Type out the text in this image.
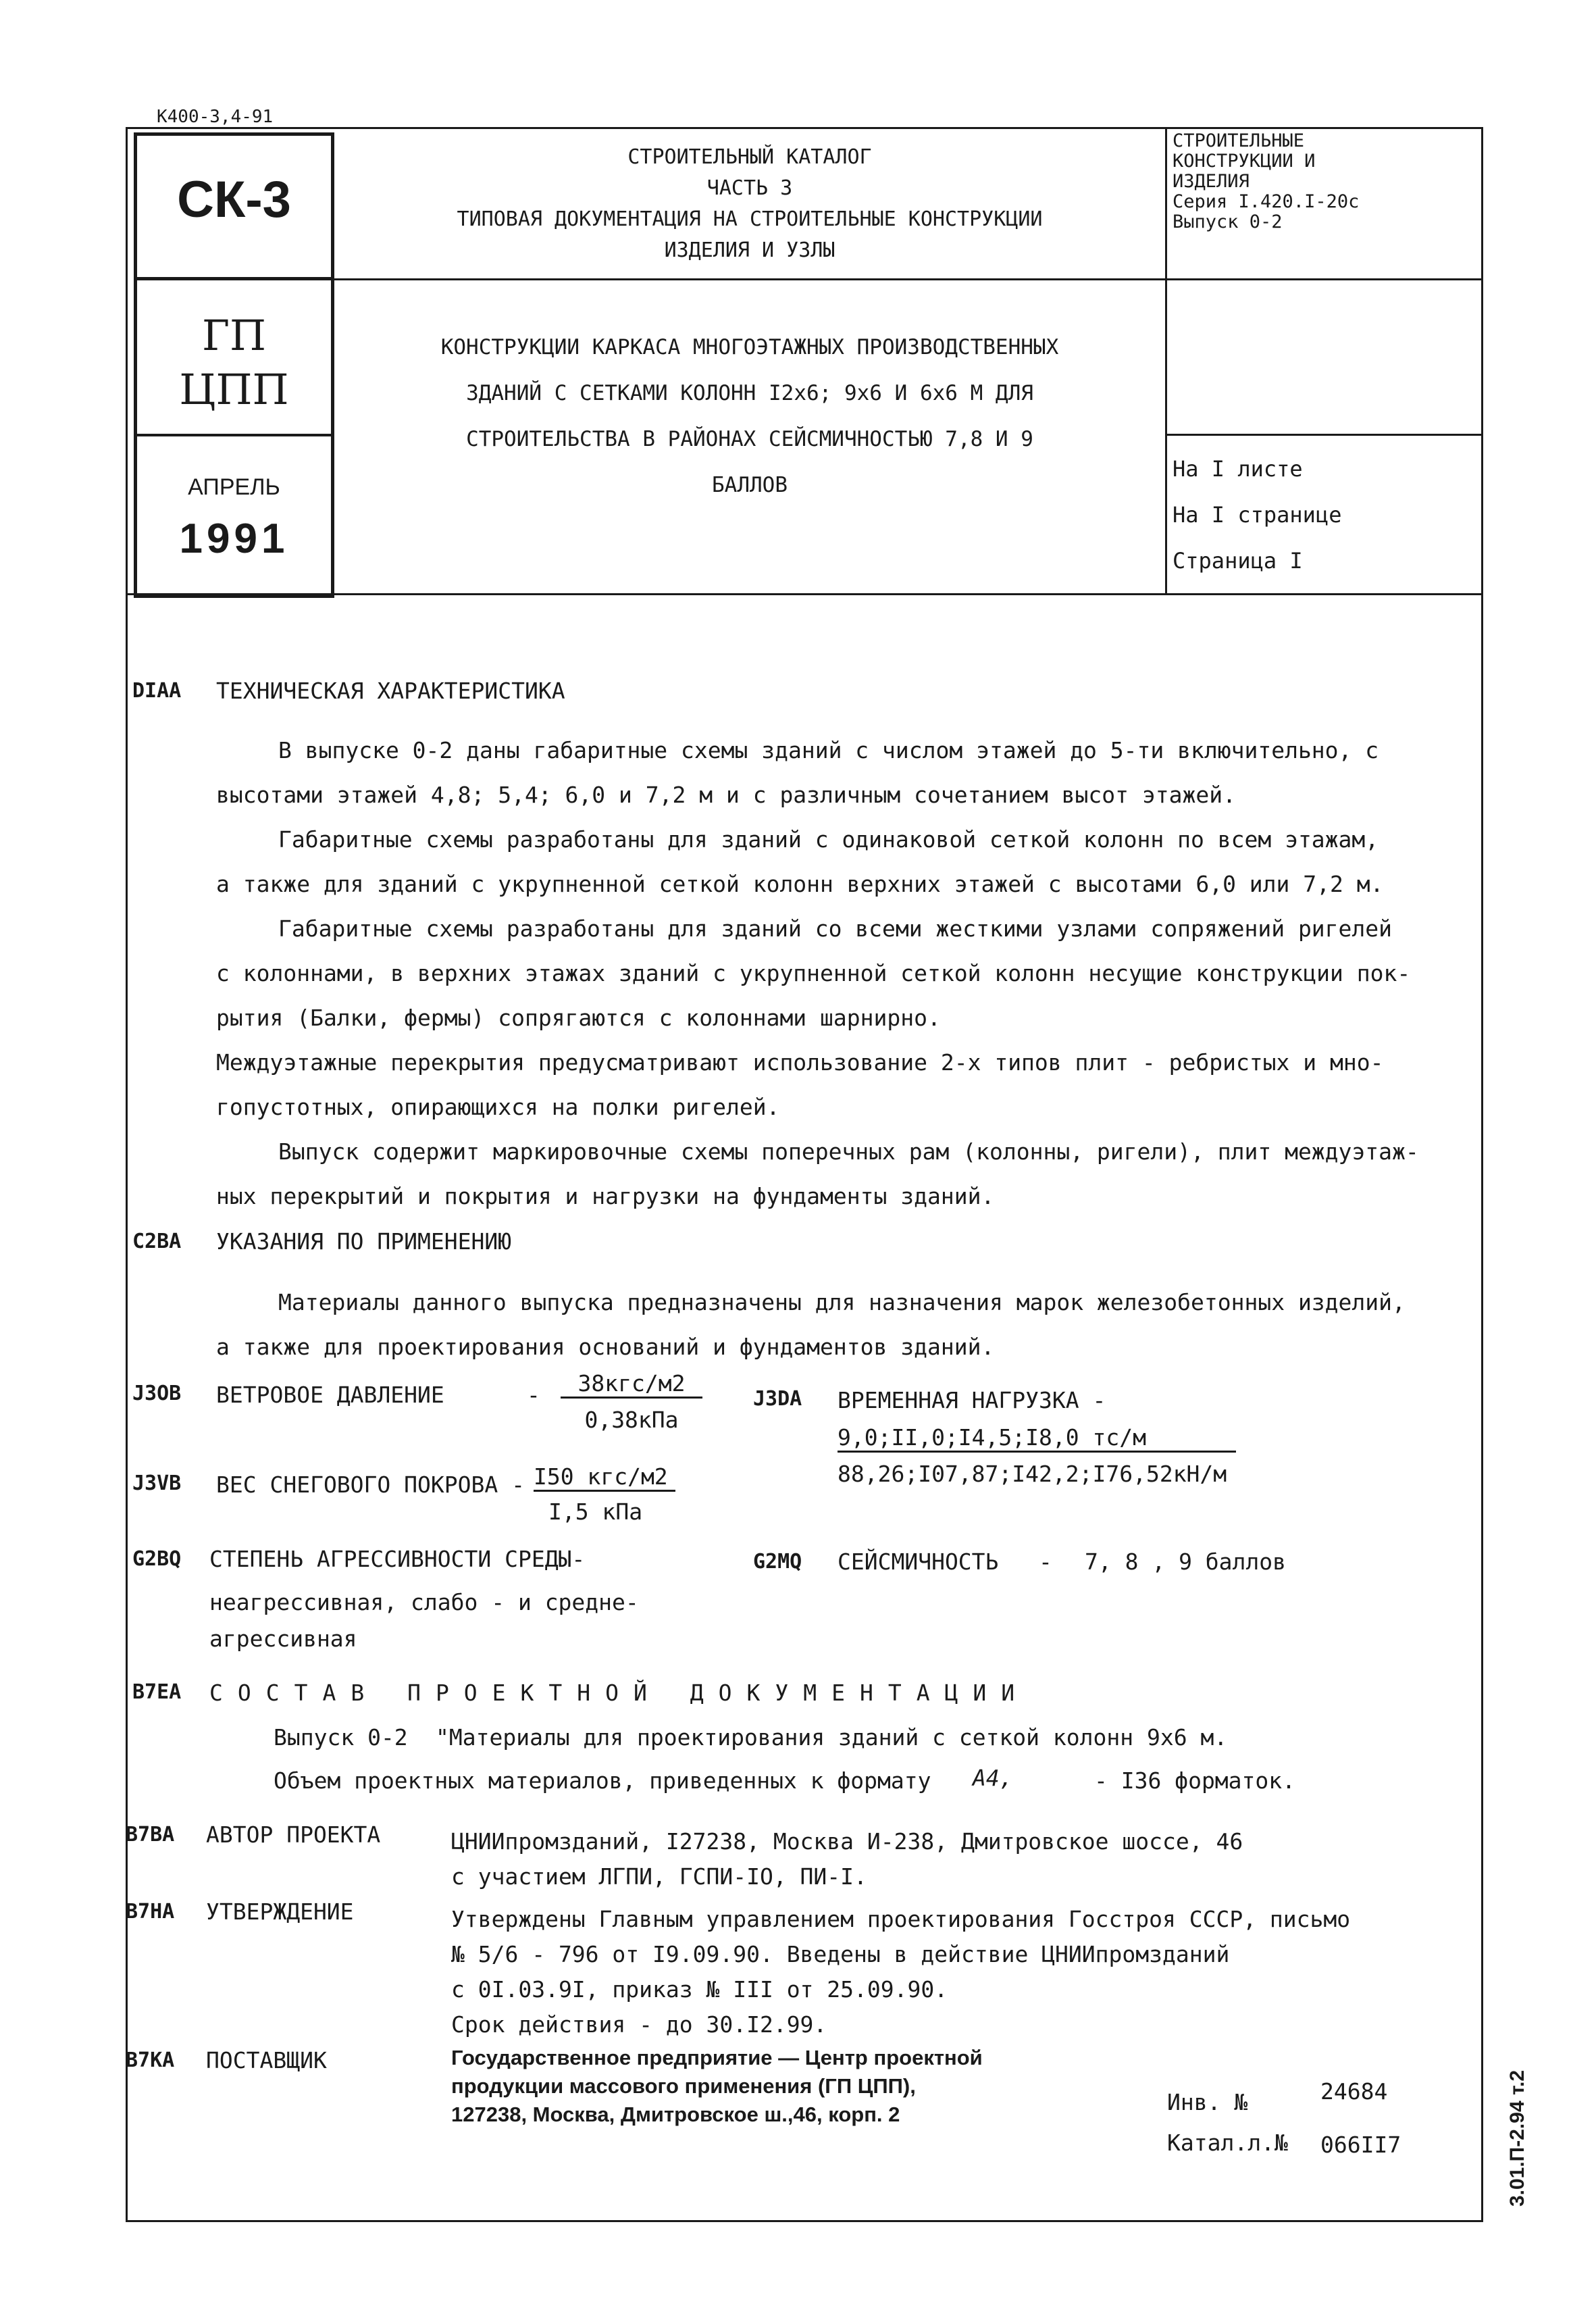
К400-3,4-91
СК-3
ГП
ЦПП
АПРЕЛЬ
1991
СТРОИТЕЛЬНЫЙ КАТАЛОГ
ЧАСТЬ 3
ТИПОВАЯ ДОКУМЕНТАЦИЯ НА СТРОИТЕЛЬНЫЕ КОНСТРУКЦИИ
ИЗДЕЛИЯ И УЗЛЫ
СТРОИТЕЛЬНЫЕ
КОНСТРУКЦИИ И
ИЗДЕЛИЯ
Серия I.420.I-20с
Выпуск 0-2
КОНСТРУКЦИИ КАРКАСА МНОГОЭТАЖНЫХ ПРОИЗВОДСТВЕННЫХ
ЗДАНИЙ С СЕТКАМИ КОЛОНН I2x6; 9x6 И 6x6 М ДЛЯ
СТРОИТЕЛЬСТВА В РАЙОНАХ СЕЙСМИЧНОСТЬЮ 7,8 И 9
БАЛЛОВ
На I листе
На I странице
Страница I
DIAA ТЕХНИЧЕСКАЯ ХАРАКТЕРИСТИКА
В выпуске 0-2 даны габаритные схемы зданий с числом этажей до 5-ти включительно, с
высотами этажей 4,8; 5,4; 6,0 и 7,2 м и с различным сочетанием высот этажей.
Габаритные схемы разработаны для зданий с одинаковой сеткой колонн по всем этажам,
а также для зданий с укрупненной сеткой колонн верхних этажей с высотами 6,0 или 7,2 м.
Габаритные схемы разработаны для зданий со всеми жесткими узлами сопряжений ригелей
с колоннами, в верхних этажах зданий с укрупненной сеткой колонн несущие конструкции пок-
рытия (Балки, фермы) сопрягаются с колоннами шарнирно.
Междуэтажные перекрытия предусматривают использование 2-х типов плит - ребристых и мно-
гопустотных, опирающихся на полки ригелей.
Выпуск содержит маркировочные схемы поперечных рам (колонны, ригели), плит междуэтаж-
ных перекрытий и покрытия и нагрузки на фундаменты зданий.
C2BA УКАЗАНИЯ ПО ПРИМЕНЕНИЮ
Материалы данного выпуска предназначены для назначения марок железобетонных изделий,
а также для проектирования оснований и фундаментов зданий.
J3OB ВЕТРОВОЕ ДАВЛЕНИЕ	-	38кгс/м2
0,38кПа
J3DA ВРЕМЕННАЯ НАГРУЗКА -
9,0;II,0;I4,5;I8,0 тс/м
88,26;I07,87;I42,2;I76,52кН/м
J3VB ВЕС СНЕГОВОГО ПОКРОВА - I50 кгс/м2
I,5 кПа
G2BQ СТЕПЕНЬ АГРЕССИВНОСТИ СРЕДЫ-
неагрессивная, слабо - и средне-
агрессивная
G2MQ СЕЙСМИЧНОСТЬ - 7, 8 , 9 баллов
B7EA СОСТАВ ПРОЕКТНОЙ ДОКУМЕНТАЦИИ
Выпуск 0-2 "Материалы для проектирования зданий с сеткой колонн 9x6 м.
Объем проектных материалов, приведенных к формату А4,	- I36 форматок.
B7BA АВТОР ПРОЕКТА	ЦНИИпромзданий, I27238, Москва И-238, Дмитровское шоссе, 46
с участием ЛГПИ, ГСПИ-IO, ПИ-I.
B7HA УТВЕРЖДЕНИЕ	Утверждены Главным управлением проектирования Госстроя СССР, письмо
№ 5/6 - 796 от I9.09.90. Введены в действие ЦНИИпромзданий
с 0I.03.9I, приказ № III от 25.09.90.
Срок действия - до 30.I2.99.
B7KA ПОСТАВЩИК	Государственное предприятие — Центр проектной
продукции массового применения (ГП ЦПП),
127238, Москва, Дмитровское ш.,46, корп. 2	Инв. №	24684
Катал.л.№ 066II7	3.01.П-2.94 т.2
